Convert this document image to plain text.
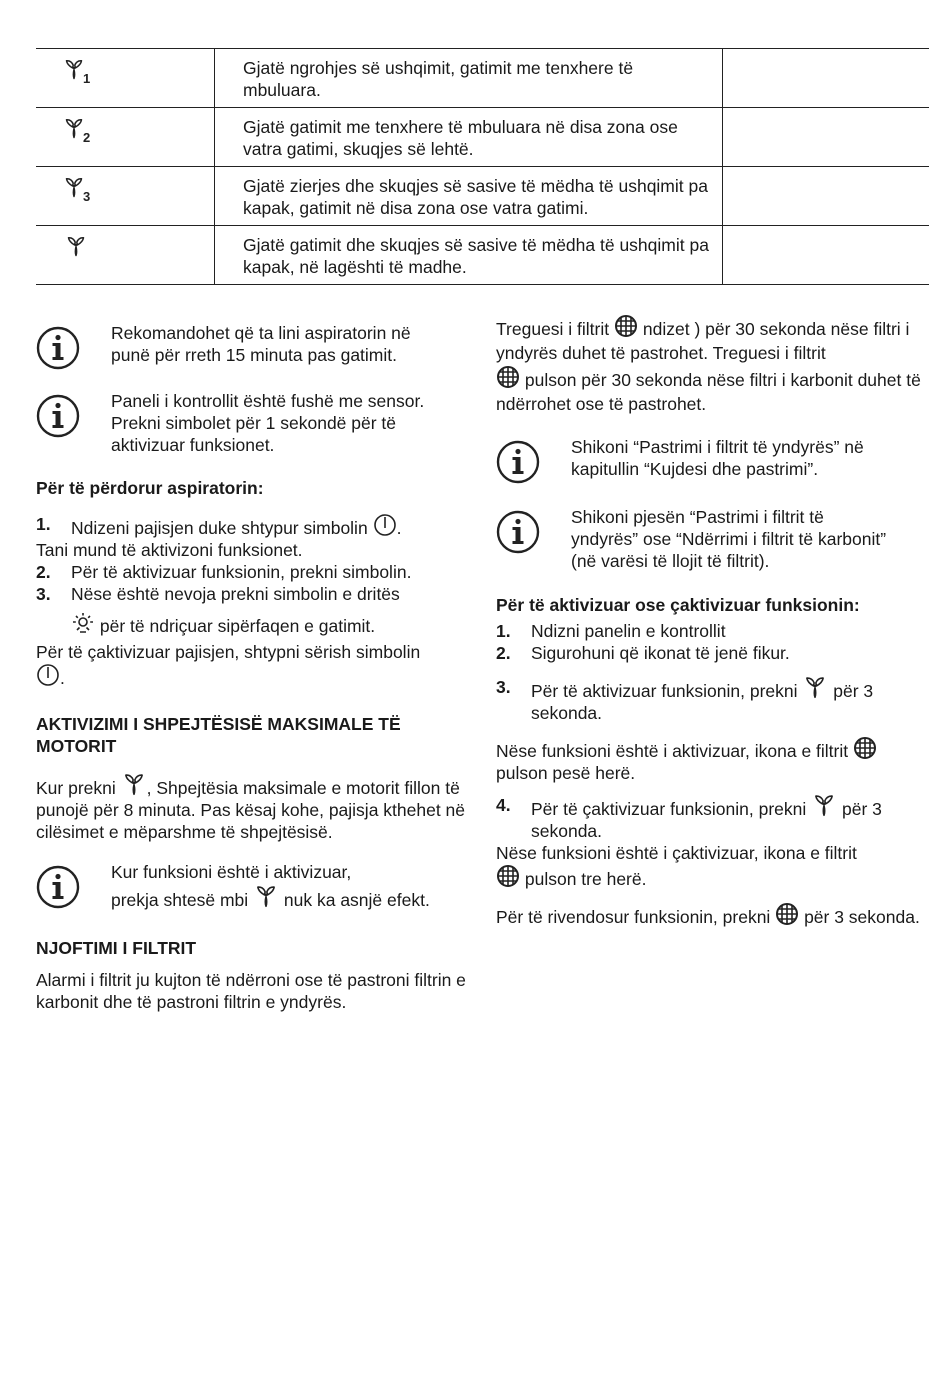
1	Gjatë ngrohjes së ushqimit, gatimit me tenxhere të mbuluara.	

2	Gjatë gatimit me tenxhere të mbuluara në disa zona ose vatra gatimi, skuqjes së lehtë.	

3	Gjatë zierjes dhe skuqjes së sasive të mëdha të ushqimit pa kapak, gatimit në disa zona ose vatra gatimi.	

	Gjatë gatimit dhe skuqjes së sasive të mëdha të ushqimit pa kapak, në lagështi të madhe.	

Rekomandohet që ta lini aspiratorin në punë për rreth 15 minuta pas gatimit.

Paneli i kontrollit është fushë me sensor. Prekni simbolet për 1 sekondë për të aktivizuar funksionet.

Për të përdorur aspiratorin:

1. Ndizeni pajisjen duke shtypur simbolin .

Tani mund të aktivizoni funksionet.

2. Për të aktivizuar funksionin, prekni simbolin.

3. Nëse është nevoja prekni simbolin e dritës

për të ndriçuar sipërfaqen e gatimit.

Për të çaktivizuar pajisjen, shtypni sërish simbolin
.

AKTIVIZIMI I SHPEJTËSISË MAKSIMALE TË MOTORIT

Kur prekni , Shpejtësia maksimale e motorit fillon të punojë për 8 minuta. Pas kësaj kohe, pajisja kthehet në cilësimet e mëparshme të shpejtësisë.

Kur funksioni është i aktivizuar,
prekja shtesë mbi nuk ka asnjë efekt.

NJOFTIMI I FILTRIT

Alarmi i filtrit ju kujton të ndërroni ose të pastroni filtrin e karbonit dhe të pastroni filtrin e yndyrës.

Treguesi i filtrit ndizet ) për 30 sekonda nëse filtri i yndyrës duhet të pastrohet. Treguesi i filtrit
pulson për 30 sekonda nëse filtri i karbonit duhet të ndërrohet ose të pastrohet.

Shikoni “Pastrimi i filtrit të yndyrës” në kapitullin “Kujdesi dhe pastrimi”.

Shikoni pjesën “Pastrimi i filtrit të yndyrës” ose “Ndërrimi i filtrit të karbonit” (në varësi të llojit të filtrit).

Për të aktivizuar ose çaktivizuar funksionin:

1. Ndizni panelin e kontrollit

2. Sigurohuni që ikonat të jenë fikur.

3. Për të aktivizuar funksionin, prekni për 3 sekonda.

Nëse funksioni është i aktivizuar, ikona e filtrit  pulson pesë herë.

4. Për të çaktivizuar funksionin, prekni për 3 sekonda.

Nëse funksioni është i çaktivizuar, ikona e filtrit
pulson tre herë.

Për të rivendosur funksionin, prekni për 3 sekonda.
